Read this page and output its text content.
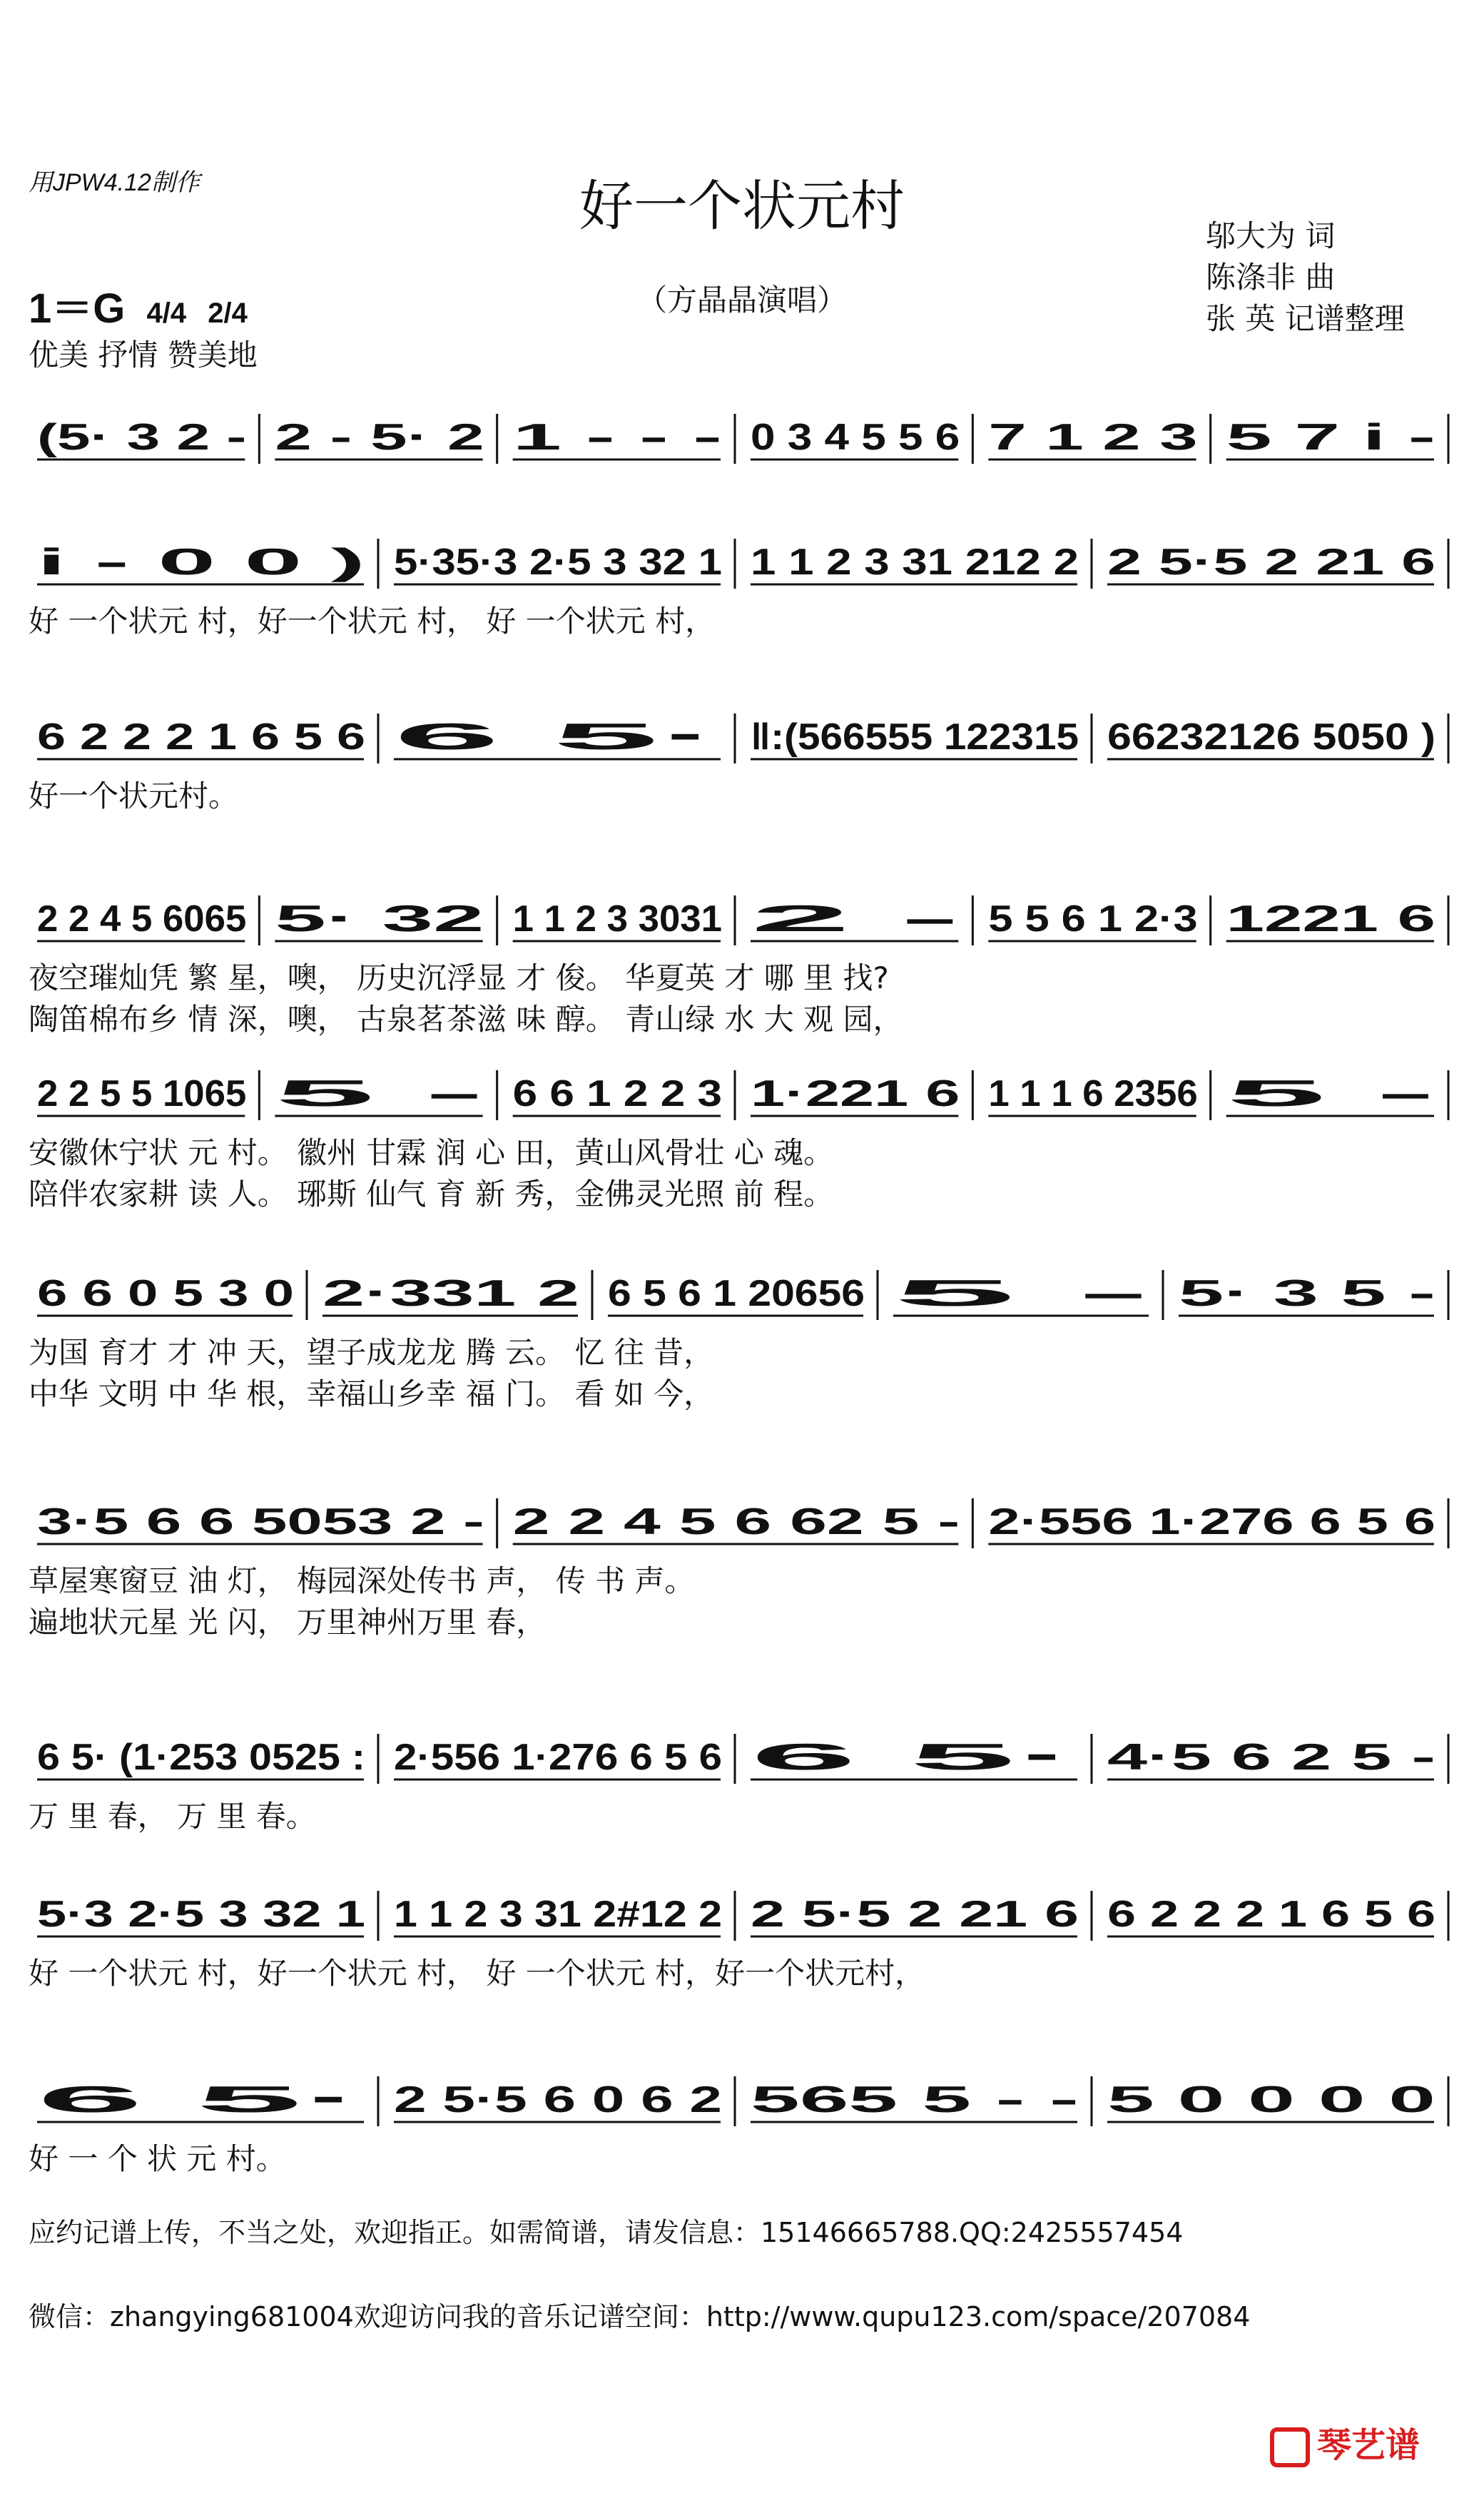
用JPW4.12制作	好一个状元村
（方晶晶演唱）
邬大为 词
陈涤非 曲
张 英 记谱整理
1＝G 4/4 2/4
优美 抒情 赞美地
(5· 3 2 - 2 - 5· 2 1 - - - 0 3 4 5 5 6 7 1 2 3 5 7 i -
i - 0 0 ) 5·35·3 2·5 3 32 1 1 1 2 3 31 212 2 2 5·5 2 21 6
好 一个状元 村，好一个状元 村， 好 一个状元 村，
6 2 2 2 1 6 5 6 6 5· ‖:(566555 122315 66232126 5050 )
好一个状元村。
2 2 4 5 6065 5· 32 1 1 2 3 3031 2 - 5 5 6 1 2·3 1221 6
夜空璀灿凭 繁 星，噢， 历史沉浮显 才 俊。 华夏英 才 哪 里 找?
陶笛棉布乡 情 深，噢， 古泉茗茶滋 味 醇。 青山绿 水 大 观 园，
2 2 5 5 1065 5 - 6 6 1 2 2 3 1·221 6 1 1 1 6 2356 5 -
安徽休宁状 元 村。 徽州 甘霖 润 心 田，黄山风骨壮 心 魂。
陪伴农家耕 读 人。 琊斯 仙气 育 新 秀，金佛灵光照 前 程。
6 6 0 5 3 0 2·331 2 6 5 6 1 20656 5 - 5· 3 5 -
为国 育才 才 冲 天，望子成龙龙 腾 云。 忆 往 昔，
中华 文明 中 华 根，幸福山乡幸 福 门。 看 如 今，
3·5 6 6 5053 2 - 2 2 4 5 6 62 5 - 2·556 1·276 6 5 6
草屋寒窗豆 油 灯， 梅园深处传书 声， 传 书 声。
遍地状元星 光 闪， 万里神州万里 春，
6 5· (1·253 0525 : 2·556 1·276 6 5 6 6 5· 4·5 6 2 5 -
万 里 春， 万 里 春。
5·3 2·5 3 32 1 1 1 2 3 31 2#12 2 2 5·5 2 21 6 6 2 2 2 1 6 5 6
好 一个状元 村，好一个状元 村， 好 一个状元 村，好一个状元村，
6 5· 2 5·5 6 0 6 2 565 5 - - 5 0 0 0 0
好 一 个 状 元 村。
应约记谱上传，不当之处，欢迎指正。如需简谱，请发信息：15146665788.QQ:2425557454
微信：zhangying681004欢迎访问我的音乐记谱空间：http://www.qupu123.com/space/207084
琴艺谱
